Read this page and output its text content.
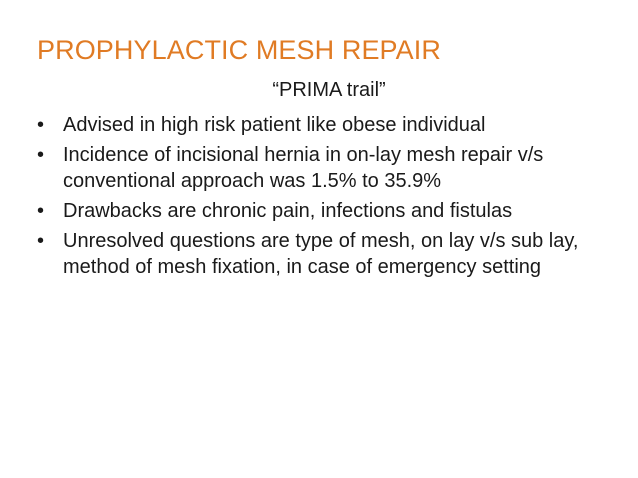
PROPHYLACTIC MESH REPAIR
“PRIMA trail”
• Advised in high risk patient like obese individual
• Incidence of incisional hernia in on-lay mesh repair v/s conventional approach was 1.5% to 35.9%
• Drawbacks are chronic pain, infections and fistulas
• Unresolved questions are type of mesh, on lay v/s sub lay, method of mesh fixation, in case of emergency setting
